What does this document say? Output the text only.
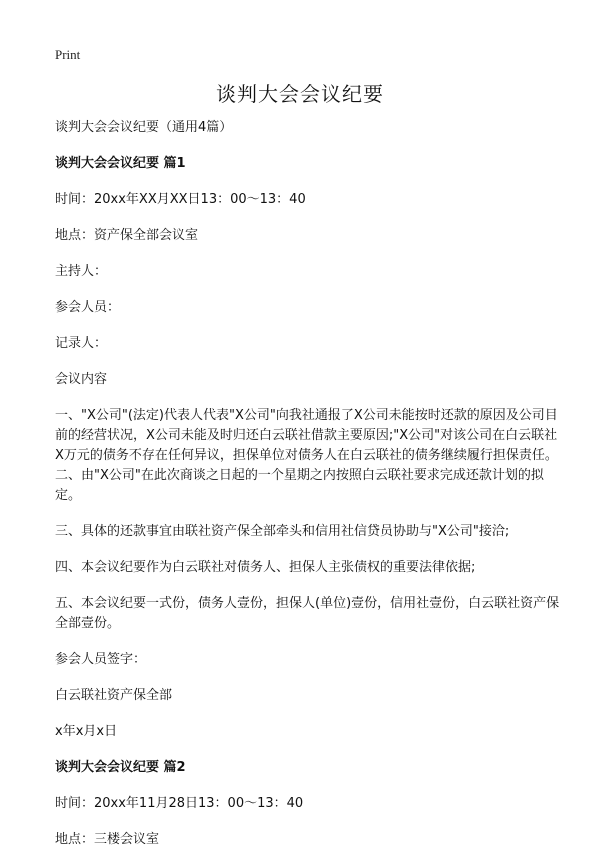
Print
谈判大会会议纪要

谈判大会会议纪要（通用4篇）

谈判大会会议纪要 篇1

时间：20xx年XX月XX日13：00～13：40

地点：资产保全部会议室

主持人：

参会人员：

记录人：

会议内容

一、"X公司"(法定)代表人代表"X公司"向我社通报了X公司未能按时还款的原因及公司目前的经营状况，X公司未能及时归还白云联社借款主要原因;"X公司"对该公司在白云联社X万元的债务不存在任何异议，担保单位对债务人在白云联社的债务继续履行担保责任。二、由"X公司"在此次商谈之日起的一个星期之内按照白云联社要求完成还款计划的拟定。

三、具体的还款事宜由联社资产保全部牵头和信用社信贷员协助与"X公司"接洽;

四、本会议纪要作为白云联社对债务人、担保人主张债权的重要法律依据;

五、本会议纪要一式份，债务人壹份，担保人(单位)壹份，信用社壹份，白云联社资产保全部壹份。

参会人员签字：

白云联社资产保全部

x年x月x日

谈判大会会议纪要 篇2

时间：20xx年11月28日13：00～13：40

地点：三楼会议室
